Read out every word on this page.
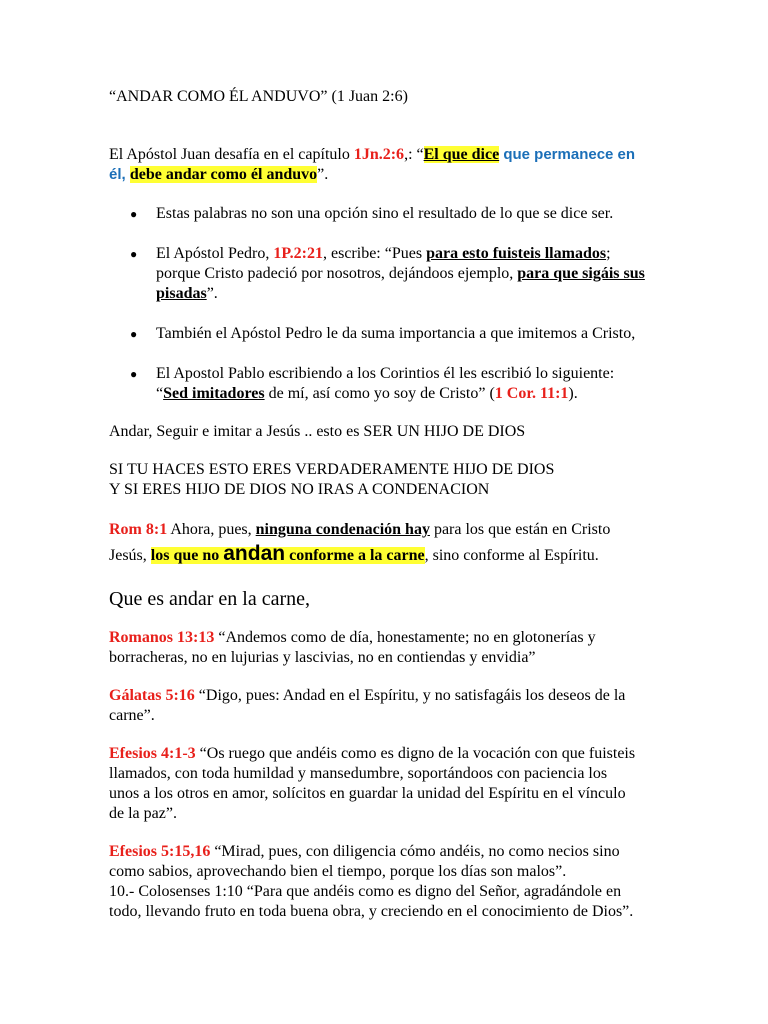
“ANDAR COMO ÉL ANDUVO” (1 Juan 2:6)
El Apóstol Juan desafía en el capítulo 1Jn.2:6,: “El que dice que permanece en
él, debe andar como él anduvo”.
● Estas palabras no son una opción sino el resultado de lo que se dice ser.
● El Apóstol Pedro, 1P.2:21, escribe: “Pues para esto fuisteis llamados;
porque Cristo padeció por nosotros, dejándoos ejemplo, para que sigáis sus
pisadas”.
● También el Apóstol Pedro le da suma importancia a que imitemos a Cristo,
● El Apostol Pablo escribiendo a los Corintios él les escribió lo siguiente:
“Sed imitadores de mí, así como yo soy de Cristo” (1 Cor. 11:1).
Andar, Seguir e imitar a Jesús .. esto es SER UN HIJO DE DIOS
SI TU HACES ESTO ERES VERDADERAMENTE HIJO DE DIOS
Y SI ERES HIJO DE DIOS NO IRAS A CONDENACION
Rom 8:1 Ahora, pues, ninguna condenación hay para los que están en Cristo
Jesús, los que no andan conforme a la carne, sino conforme al Espíritu.
Que es andar en la carne,
Romanos 13:13 “Andemos como de día, honestamente; no en glotonerías y
borracheras, no en lujurias y lascivias, no en contiendas y envidia”
Gálatas 5:16 “Digo, pues: Andad en el Espíritu, y no satisfagáis los deseos de la
carne”.
Efesios 4:1-3 “Os ruego que andéis como es digno de la vocación con que fuisteis
llamados, con toda humildad y mansedumbre, soportándoos con paciencia los
unos a los otros en amor, solícitos en guardar la unidad del Espíritu en el vínculo
de la paz”.
Efesios 5:15,16 “Mirad, pues, con diligencia cómo andéis, no como necios sino
como sabios, aprovechando bien el tiempo, porque los días son malos”.
10.- Colosenses 1:10 “Para que andéis como es digno del Señor, agradándole en
todo, llevando fruto en toda buena obra, y creciendo en el conocimiento de Dios”.
